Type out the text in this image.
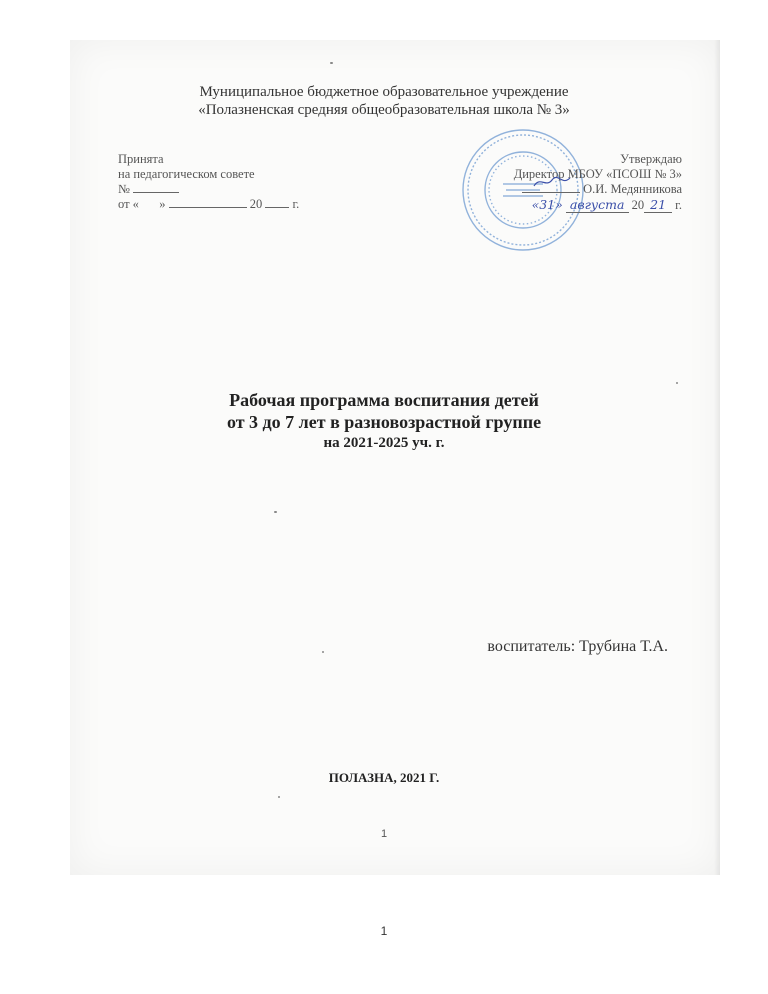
Муниципальное бюджетное образовательное учреждение
«Полазненская средняя общеобразовательная школа № 3»
Принята
на педагогическом совете
№
от « »	20 г.
Утверждаю
Директор МБОУ «ПСОШ № 3»
О.И. Медянникова
«31» августа 20 21 г.
Рабочая программа воспитания детей
от 3 до 7 лет в разновозрастной группе
на 2021-2025 уч. г.
воспитатель: Трубина Т.А.
ПОЛАЗНА, 2021 Г.
1
1
